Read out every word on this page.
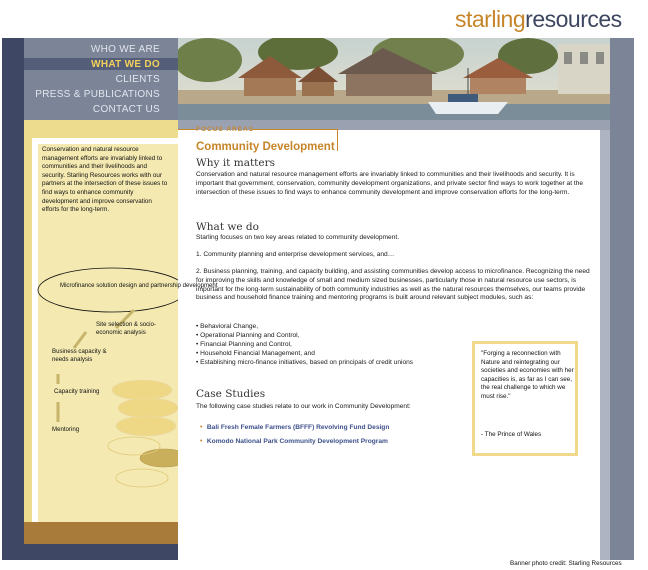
starlingresources
WHO WE ARE
WHAT WE DO
CLIENTS
PRESS & PUBLICATIONS
CONTACT US
FOCUS AREAS
Conservation and natural resource management efforts are invariably linked to communities and their livelihoods and security. Starling Resources works with our partners at the intersection of these issues to find ways to enhance community development and improve conservation efforts for the long-term.
Microfinance solution design and partnership development
Site selection & socio-economic analysis
Business capacity & needs analysis
Capacity training
Mentoring
Community Development
Why it matters
Conservation and natural resource management efforts are invariably linked to communities and their livelihoods and security. It is important that government, conservation, community development organizations, and private sector find ways to work together at the intersection of these issues to find ways to enhance community development and improve conservation efforts for the long-term.
What we do
Starling focuses on two key areas related to community development.
1. Community planning and enterprise development services, and…
2. Business planning, training, and capacity building, and assisting communities develop access to microfinance. Recognizing the need for improving the skills and knowledge of small and medium sized businesses, particularly those in natural resource use sectors, is important for the long-term sustainability of both community industries as well as the natural resources themselves, our teams provide business and household finance training and mentoring programs is built around relevant subject modules, such as:
• Behavioral Change,
• Operational Planning and Control,
• Financial Planning and Control,
• Household Financial Management, and
• Establishing micro-finance initiatives, based on principals of credit unions
Case Studies
The following case studies relate to our work in Community Development:
• Bali Fresh Female Farmers (BFFF) Revolving Fund Design
• Komodo National Park Community Development Program
"Forging a reconnection with Nature and reintegrating our societies and economies with her capacities is, as far as I can see, the real challenge to which we must rise."
- The Prince of Wales
Banner photo credit: Starling Resources
